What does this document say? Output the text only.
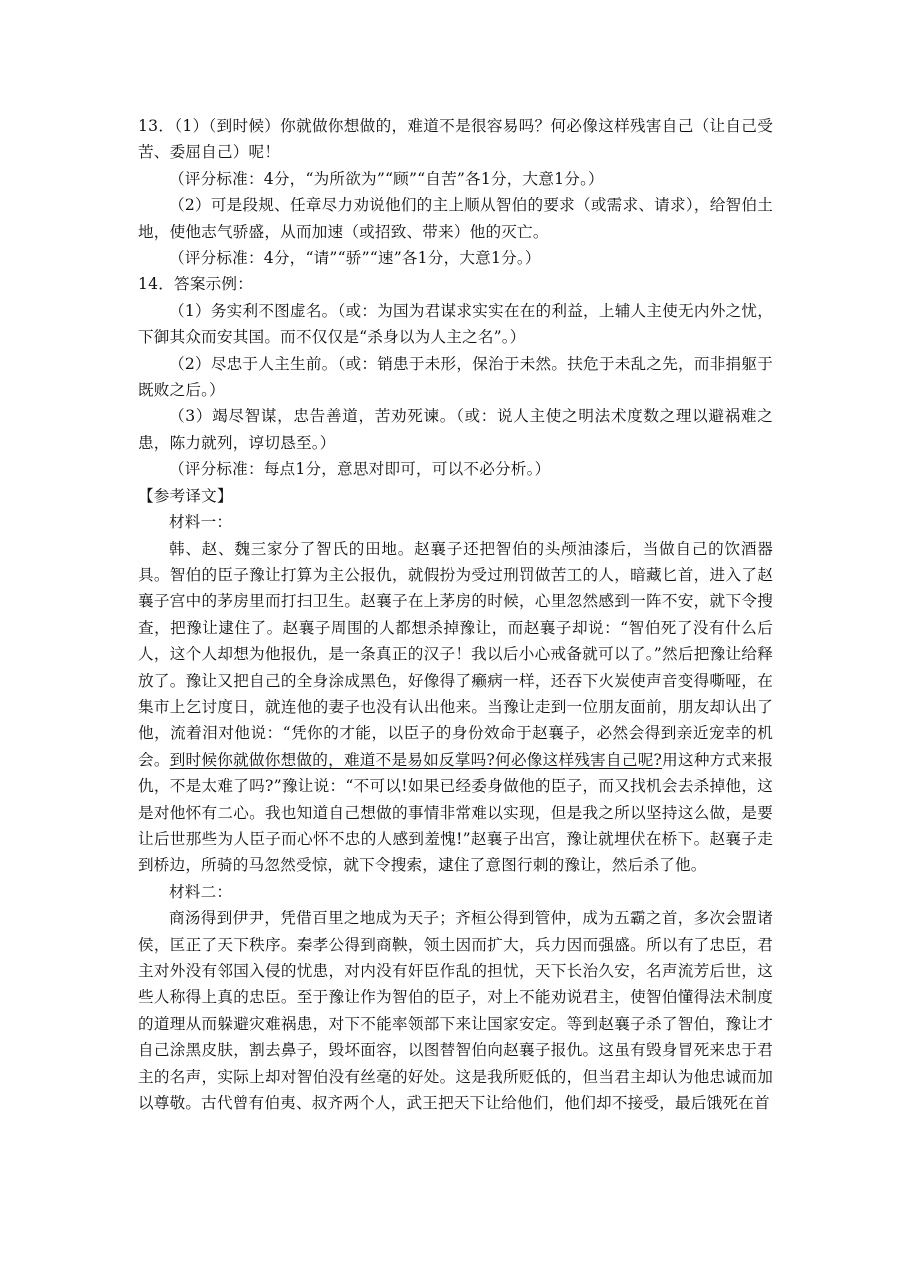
13．（1）（到时候）你就做你想做的，难道不是很容易吗？何必像这样残害自己（让自己受苦、委屈自己）呢！

（评分标准：4分，“为所欲为”“顾”“自苦”各1分，大意1分。）

（2）可是段规、任章尽力劝说他们的主上顺从智伯的要求（或需求、请求），给智伯土地，使他志气骄盛，从而加速（或招致、带来）他的灭亡。

（评分标准：4分，“请”“骄”“速”各1分，大意1分。）

14．答案示例：

（1）务实利不图虚名。（或：为国为君谋求实实在在的利益，上辅人主使无内外之忧，下御其众而安其国。而不仅仅是“杀身以为人主之名”。）

（2）尽忠于人主生前。（或：销患于未形，保治于未然。扶危于未乱之先，而非捐躯于既败之后。）

（3）竭尽智谋，忠告善道，苦劝死谏。（或：说人主使之明法术度数之理以避祸难之患，陈力就列，谆切恳至。）

（评分标准：每点1分，意思对即可，可以不必分析。）

【参考译文】

材料一：

韩、赵、魏三家分了智氏的田地。赵襄子还把智伯的头颅油漆后，当做自己的饮酒器具。智伯的臣子豫让打算为主公报仇，就假扮为受过刑罚做苦工的人，暗藏匕首，进入了赵襄子宫中的茅房里而打扫卫生。赵襄子在上茅房的时候，心里忽然感到一阵不安，就下令搜查，把豫让逮住了。赵襄子周围的人都想杀掉豫让，而赵襄子却说：“智伯死了没有什么后人，这个人却想为他报仇，是一条真正的汉子！我以后小心戒备就可以了。”然后把豫让给释放了。豫让又把自己的全身涂成黑色，好像得了癞病一样，还吞下火炭使声音变得嘶哑，在集市上乞讨度日，就连他的妻子也没有认出他来。当豫让走到一位朋友面前，朋友却认出了他，流着泪对他说：“凭你的才能，以臣子的身份效命于赵襄子，必然会得到亲近宠幸的机会。到时候你就做你想做的，难道不是易如反掌吗?何必像这样残害自己呢?用这种方式来报仇，不是太难了吗?”豫让说：“不可以!如果已经委身做他的臣子，而又找机会去杀掉他，这是对他怀有二心。我也知道自己想做的事情非常难以实现，但是我之所以坚持这么做，是要让后世那些为人臣子而心怀不忠的人感到羞愧!”赵襄子出宫，豫让就埋伏在桥下。赵襄子走到桥边，所骑的马忽然受惊，就下令搜索，逮住了意图行刺的豫让，然后杀了他。

材料二：

商汤得到伊尹，凭借百里之地成为天子；齐桓公得到管仲，成为五霸之首，多次会盟诸侯，匡正了天下秩序。秦孝公得到商鞅，领土因而扩大，兵力因而强盛。所以有了忠臣，君主对外没有邻国入侵的忧患，对内没有奸臣作乱的担忧，天下长治久安，名声流芳后世，这些人称得上真的忠臣。至于豫让作为智伯的臣子，对上不能劝说君主，使智伯懂得法术制度的道理从而躲避灾难祸患，对下不能率领部下来让国家安定。等到赵襄子杀了智伯，豫让才自己涂黑皮肤，割去鼻子，毁坏面容，以图替智伯向赵襄子报仇。这虽有毁身冒死来忠于君主的名声，实际上却对智伯没有丝毫的好处。这是我所贬低的，但当君主却认为他忠诚而加以尊敬。古代曾有伯夷、叔齐两个人，武王把天下让给他们，他们却不接受，最后饿死在首
